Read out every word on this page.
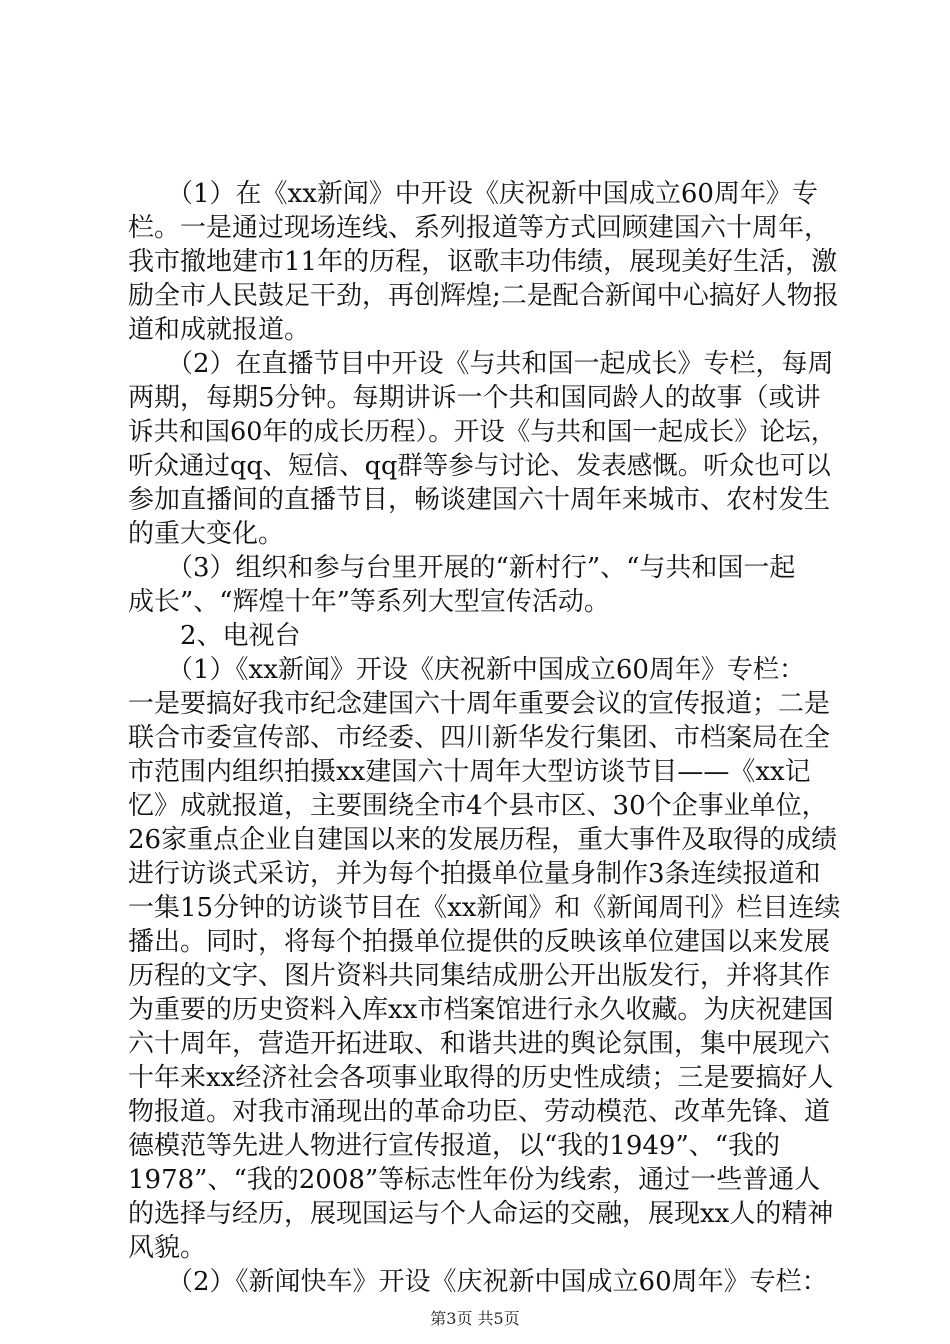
　　（1）在《xx新闻》中开设《庆祝新中国成立60周年》专
栏。一是通过现场连线、系列报道等方式回顾建国六十周年，
我市撤地建市11年的历程，讴歌丰功伟绩，展现美好生活，激
励全市人民鼓足干劲，再创辉煌;二是配合新闻中心搞好人物报
道和成就报道。
　　（2）在直播节目中开设《与共和国一起成长》专栏，每周
两期，每期5分钟。每期讲诉一个共和国同龄人的故事（或讲
诉共和国60年的成长历程）。开设《与共和国一起成长》论坛，
听众通过qq、短信、qq群等参与讨论、发表感慨。听众也可以
参加直播间的直播节目，畅谈建国六十周年来城市、农村发生
的重大变化。
　　（3）组织和参与台里开展的“新村行”、“与共和国一起
成长”、“辉煌十年”等系列大型宣传活动。
　　2、电视台
　　（1）《xx新闻》开设《庆祝新中国成立60周年》专栏：
一是要搞好我市纪念建国六十周年重要会议的宣传报道；二是
联合市委宣传部、市经委、四川新华发行集团、市档案局在全
市范围内组织拍摄xx建国六十周年大型访谈节目——《xx记
忆》成就报道，主要围绕全市4个县市区、30个企事业单位，
26家重点企业自建国以来的发展历程，重大事件及取得的成绩
进行访谈式采访，并为每个拍摄单位量身制作3条连续报道和
一集15分钟的访谈节目在《xx新闻》和《新闻周刊》栏目连续
播出。同时，将每个拍摄单位提供的反映该单位建国以来发展
历程的文字、图片资料共同集结成册公开出版发行，并将其作
为重要的历史资料入库xx市档案馆进行永久收藏。为庆祝建国
六十周年，营造开拓进取、和谐共进的舆论氛围，集中展现六
十年来xx经济社会各项事业取得的历史性成绩；三是要搞好人
物报道。对我市涌现出的革命功臣、劳动模范、改革先锋、道
德模范等先进人物进行宣传报道，以“我的1949”、“我的
1978”、“我的2008”等标志性年份为线索，通过一些普通人
的选择与经历，展现国运与个人命运的交融，展现xx人的精神
风貌。
　　（2）《新闻快车》开设《庆祝新中国成立60周年》专栏：
第3页 共5页
